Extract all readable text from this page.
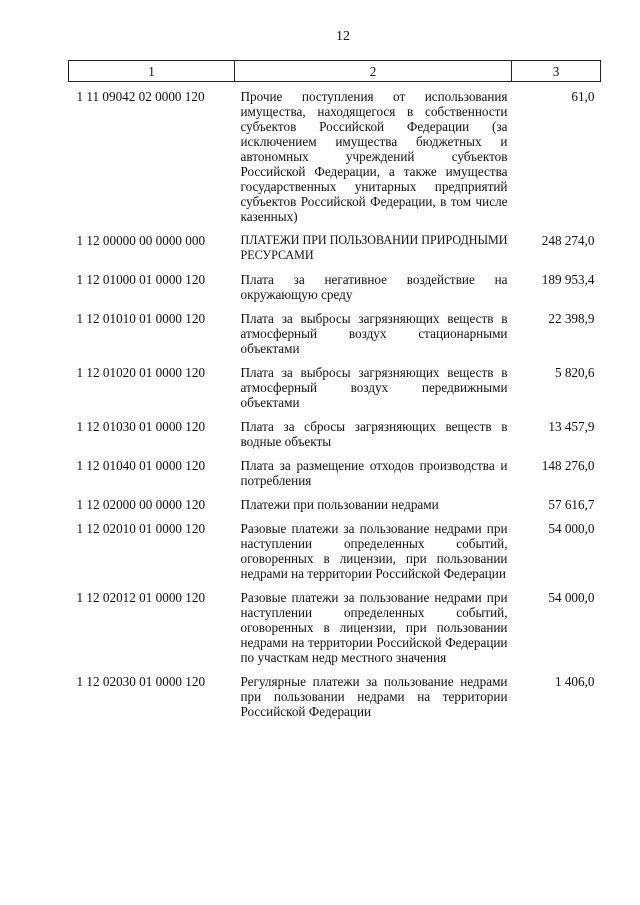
12
1	2	3
1 11 09042 02 0000 120	Прочие поступления от использования имущества, находящегося в собственности субъектов Российской Федерации (за исключением имущества бюджетных и автономных учреждений субъектов Российской Федерации, а также имущества государственных унитарных предприятий субъектов Российской Федерации, в том числе казенных)	61,0
1 12 00000 00 0000 000	ПЛАТЕЖИ ПРИ ПОЛЬЗОВАНИИ ПРИРОДНЫМИ РЕСУРСАМИ	248 274,0
1 12 01000 01 0000 120	Плата за негативное воздействие на окружающую среду	189 953,4
1 12 01010 01 0000 120	Плата за выбросы загрязняющих веществ в атмосферный воздух стационарными объектами	22 398,9
1 12 01020 01 0000 120	Плата за выбросы загрязняющих веществ в атмосферный воздух передвижными объектами	5 820,6
1 12 01030 01 0000 120	Плата за сбросы загрязняющих веществ в водные объекты	13 457,9
1 12 01040 01 0000 120	Плата за размещение отходов производства и потребления	148 276,0
1 12 02000 00 0000 120	Платежи при пользовании недрами	57 616,7
1 12 02010 01 0000 120	Разовые платежи за пользование недрами при наступлении определенных событий, оговоренных в лицензии, при пользовании недрами на территории Российской Федерации	54 000,0
1 12 02012 01 0000 120	Разовые платежи за пользование недрами при наступлении определенных событий, оговоренных в лицензии, при пользовании недрами на территории Российской Федерации по участкам недр местного значения	54 000,0
1 12 02030 01 0000 120	Регулярные платежи за пользование недрами при пользовании недрами на территории Российской Федерации	1 406,0
